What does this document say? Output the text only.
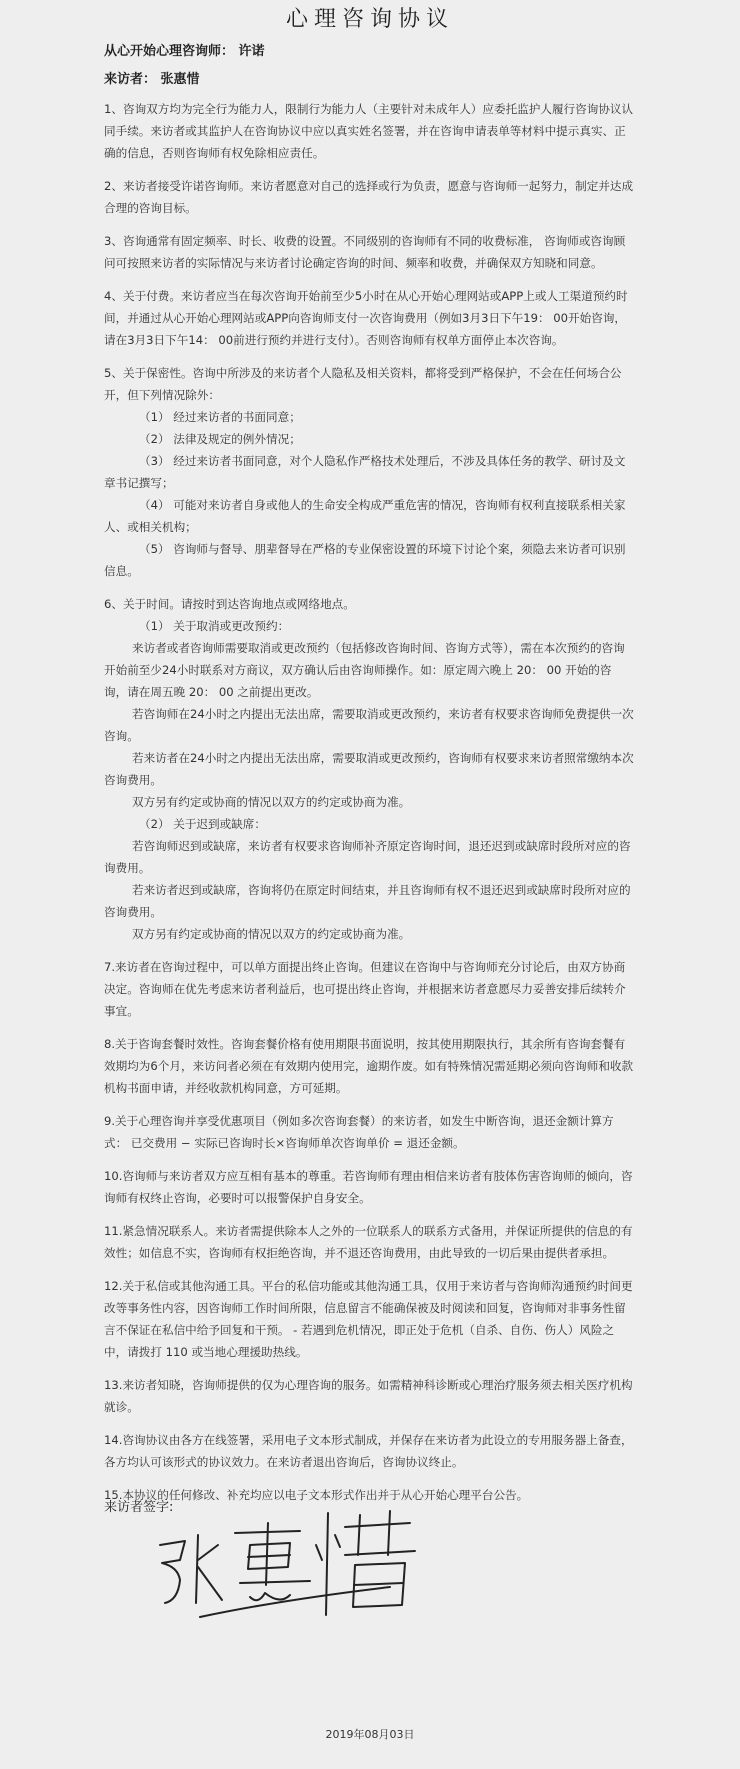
心理咨询协议
从心开始心理咨询师： 许诺
来访者： 张惠惜

1、咨询双方均为完全行为能力人，限制行为能力人（主要针对未成年人）应委托监护人履行咨询协议认同手续。来访者或其监护人在咨询协议中应以真实姓名签署，并在咨询申请表单等材料中提示真实、正确的信息，否则咨询师有权免除相应责任。

2、来访者接受许诺咨询师。来访者愿意对自己的选择或行为负责，愿意与咨询师一起努力，制定并达成合理的咨询目标。

3、咨询通常有固定频率、时长、收费的设置。不同级别的咨询师有不同的收费标准， 咨询师或咨询顾问可按照来访者的实际情况与来访者讨论确定咨询的时间、频率和收费，并确保双方知晓和同意。

4、关于付费。来访者应当在每次咨询开始前至少5小时在从心开始心理网站或APP上或人工渠道预约时间，并通过从心开始心理网站或APP向咨询师支付一次咨询费用（例如3月3日下午19： 00开始咨询， 请在3月3日下午14： 00前进行预约并进行支付）。否则咨询师有权单方面停止本次咨询。

5、关于保密性。咨询中所涉及的来访者个人隐私及相关资料，都将受到严格保护，不会在任何场合公开，但下列情况除外：

（1） 经过来访者的书面同意；

（2） 法律及规定的例外情况；

（3） 经过来访者书面同意，对个人隐私作严格技术处理后，不涉及具体任务的教学、研讨及文章书记撰写；

（4） 可能对来访者自身或他人的生命安全构成严重危害的情况，咨询师有权利直接联系相关家人、或相关机构；

（5） 咨询师与督导、朋辈督导在严格的专业保密设置的环境下讨论个案，须隐去来访者可识别信息。

6、关于时间。请按时到达咨询地点或网络地点。

（1） 关于取消或更改预约：

来访者或者咨询师需要取消或更改预约（包括修改咨询时间、咨询方式等），需在本次预约的咨询开始前至少24小时联系对方商议，双方确认后由咨询师操作。如：原定周六晚上 20： 00 开始的咨询，请在周五晚 20： 00 之前提出更改。

若咨询师在24小时之内提出无法出席，需要取消或更改预约，来访者有权要求咨询师免费提供一次咨询。

若来访者在24小时之内提出无法出席，需要取消或更改预约，咨询师有权要求来访者照常缴纳本次咨询费用。

双方另有约定或协商的情况以双方的约定或协商为准。

（2） 关于迟到或缺席：

若咨询师迟到或缺席，来访者有权要求咨询师补齐原定咨询时间，退还迟到或缺席时段所对应的咨询费用。

若来访者迟到或缺席，咨询将仍在原定时间结束，并且咨询师有权不退还迟到或缺席时段所对应的咨询费用。

双方另有约定或协商的情况以双方的约定或协商为准。

7.来访者在咨询过程中，可以单方面提出终止咨询。但建议在咨询中与咨询师充分讨论后，由双方协商决定。咨询师在优先考虑来访者利益后，也可提出终止咨询，并根据来访者意愿尽力妥善安排后续转介事宜。

8.关于咨询套餐时效性。咨询套餐价格有使用期限书面说明，按其使用期限执行，其余所有咨询套餐有效期均为6个月，来访问者必须在有效期内使用完，逾期作废。如有特殊情况需延期必须向咨询师和收款机构书面申请，并经收款机构同意，方可延期。

9.关于心理咨询并享受优惠项目（例如多次咨询套餐）的来访者，如发生中断咨询，退还金额计算方式： 已交费用 − 实际已咨询时长×咨询师单次咨询单价 = 退还金额。

10.咨询师与来访者双方应互相有基本的尊重。若咨询师有理由相信来访者有肢体伤害咨询师的倾向，咨询师有权终止咨询，必要时可以报警保护自身安全。

11.紧急情况联系人。来访者需提供除本人之外的一位联系人的联系方式备用，并保证所提供的信息的有效性；如信息不实，咨询师有权拒绝咨询，并不退还咨询费用，由此导致的一切后果由提供者承担。

12.关于私信或其他沟通工具。平台的私信功能或其他沟通工具，仅用于来访者与咨询师沟通预约时间更改等事务性内容，因咨询师工作时间所限，信息留言不能确保被及时阅读和回复，咨询师对非事务性留言不保证在私信中给予回复和干预。 - 若遇到危机情况，即正处于危机（自杀、自伤、伤人）风险之中，请拨打 110 或当地心理援助热线。

13.来访者知晓，咨询师提供的仅为心理咨询的服务。如需精神科诊断或心理治疗服务须去相关医疗机构就诊。

14.咨询协议由各方在线签署，采用电子文本形式制成，并保存在来访者为此设立的专用服务器上备查，各方均认可该形式的协议效力。在来访者退出咨询后，咨询协议终止。

15.本协议的任何修改、补充均应以电子文本形式作出并于从心开始心理平台公告。

来访者签字:
2019年08月03日
